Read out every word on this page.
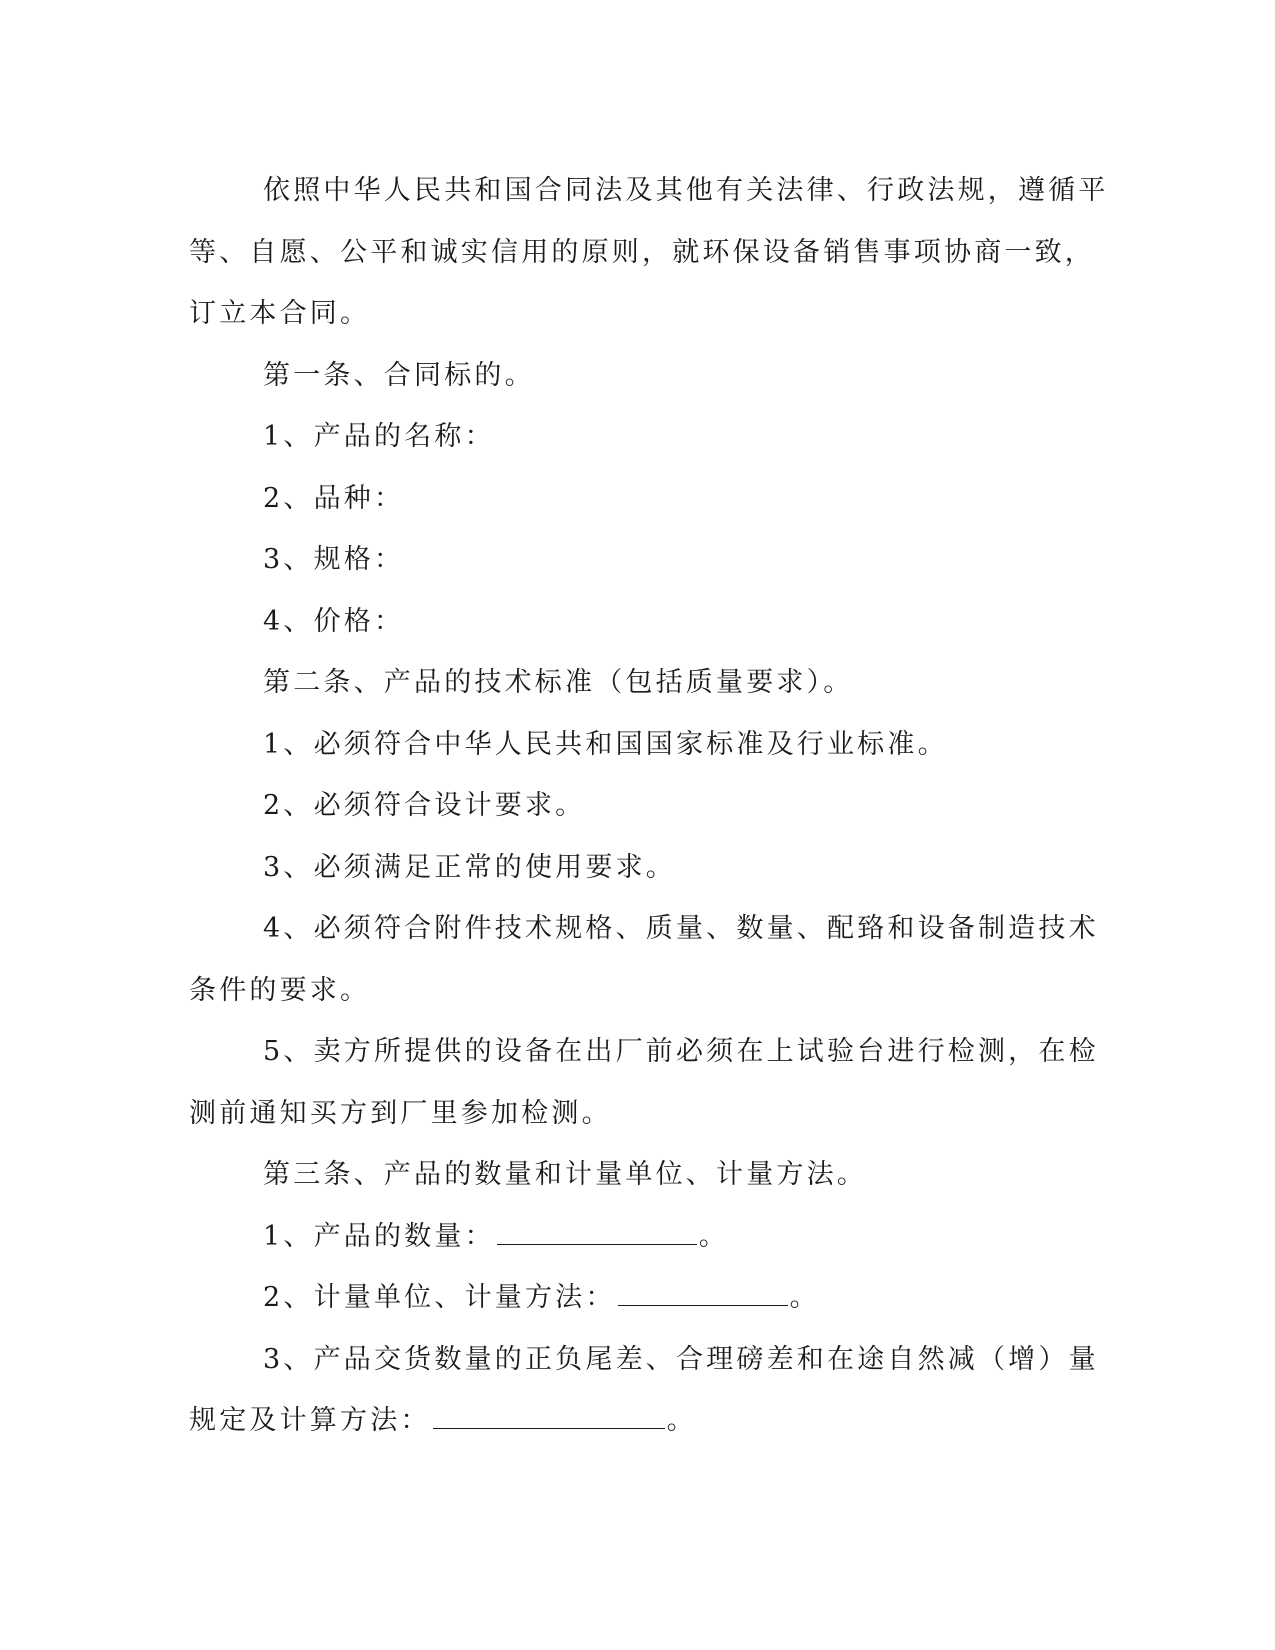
依照中华人民共和国合同法及其他有关法律、行政法规，遵循平

等、自愿、公平和诚实信用的原则，就环保设备销售事项协商一致，

订立本合同。

第一条、合同标的。

1、产品的名称：

2、品种：

3、规格：

4、价格：

第二条、产品的技术标准（包括质量要求）。

1、必须符合中华人民共和国国家标准及行业标准。

2、必须符合设计要求。

3、必须满足正常的使用要求。

4、必须符合附件技术规格、质量、数量、配臵和设备制造技术

条件的要求。

5、卖方所提供的设备在出厂前必须在上试验台进行检测，在检

测前通知买方到厂里参加检测。

第三条、产品的数量和计量单位、计量方法。

1、产品的数量：	。

2、计量单位、计量方法：	。

3、产品交货数量的正负尾差、合理磅差和在途自然减（增）量

规定及计算方法：	。
